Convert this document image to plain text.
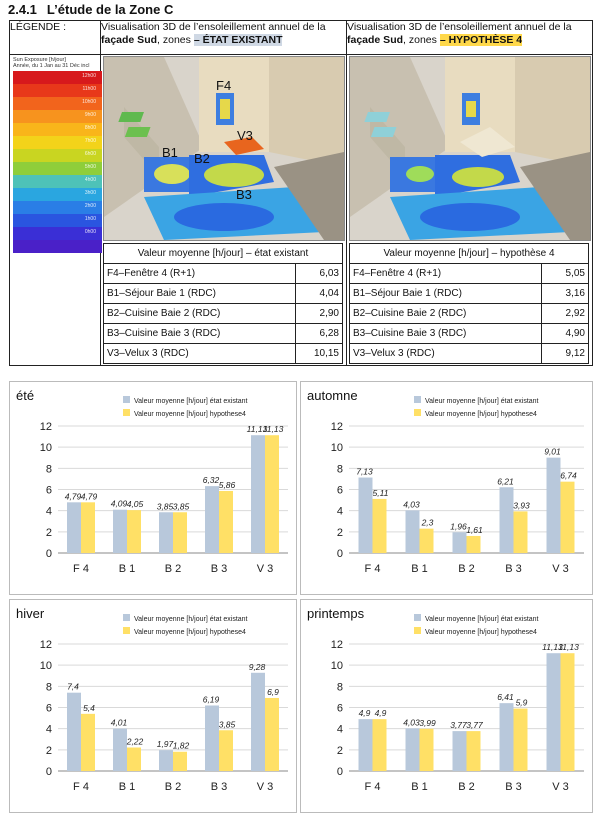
2.4.1 L’étude de la Zone C
LÉGENDE :	Visualisation 3D de l’ensoleillement annuel de la façade Sud, zones – ÉTAT EXISTANT	Visualisation 3D de l’ensoleillement annuel de la façade Sud, zones – HYPOTHÈSE 4

Sun Exposure [h/jour]
Année, du 1 Jan au 31 Déc incl
12h00
11h00
10h00
9h00
8h00
7h00
6h00
5h00
4h00
3h00
2h00
1h00
0h00
F4
V3
B1 B2
B3
Valeur moyenne [h/jour] – état existant	
F4–Fenêtre 4 (R+1)	6,03
B1–Séjour Baie 1 (RDC)	4,04
B2–Cuisine Baie 2 (RDC)	2,90
B3–Cuisine Baie 3 (RDC)	6,28
V3–Velux 3 (RDC)	10,15
Valeur moyenne [h/jour] – hypothèse 4	
F4–Fenêtre 4 (R+1)	5,05
B1–Séjour Baie 1 (RDC)	3,16
B2–Cuisine Baie 2 (RDC)	2,92
B3–Cuisine Baie 3 (RDC)	4,90
V3–Velux 3 (RDC)	9,12
été	Valeur moyenne [h/jour] état existant
Valeur moyenne [h/jour] hypothese4
0
2
4
6
8
10
12
4,79 4,79
F 4
4,09 4,05
B 1
3,85 3,85
B 2
6,32 5,86
B 3
11,13
11,13
V 3
automne	Valeur moyenne [h/jour] état existant
Valeur moyenne [h/jour] hypothese4
0
2
4
6
8
10
12
7,13
5,11
F 4
4,03
2,3
B 1
1,96 1,61
B 2
6,21
3,93
B 3
9,01
6,74
V 3
hiver	Valeur moyenne [h/jour] état existant
Valeur moyenne [h/jour] hypothese4
0
2
4
6
8
10
12
7,4
5,4
F 4
4,01
2,22
B 1
1,97 1,82
B 2
6,19
3,85
B 3
9,28
6,9
V 3
printemps	Valeur moyenne [h/jour] état existant
Valeur moyenne [h/jour] hypothese4
0
2
4
6
8
10
12
4,9 4,9
F 4
4,03 3,99
B 1
3,77 3,77
B 2
6,41
5,9
B 3
11,13
11,13
V 3
